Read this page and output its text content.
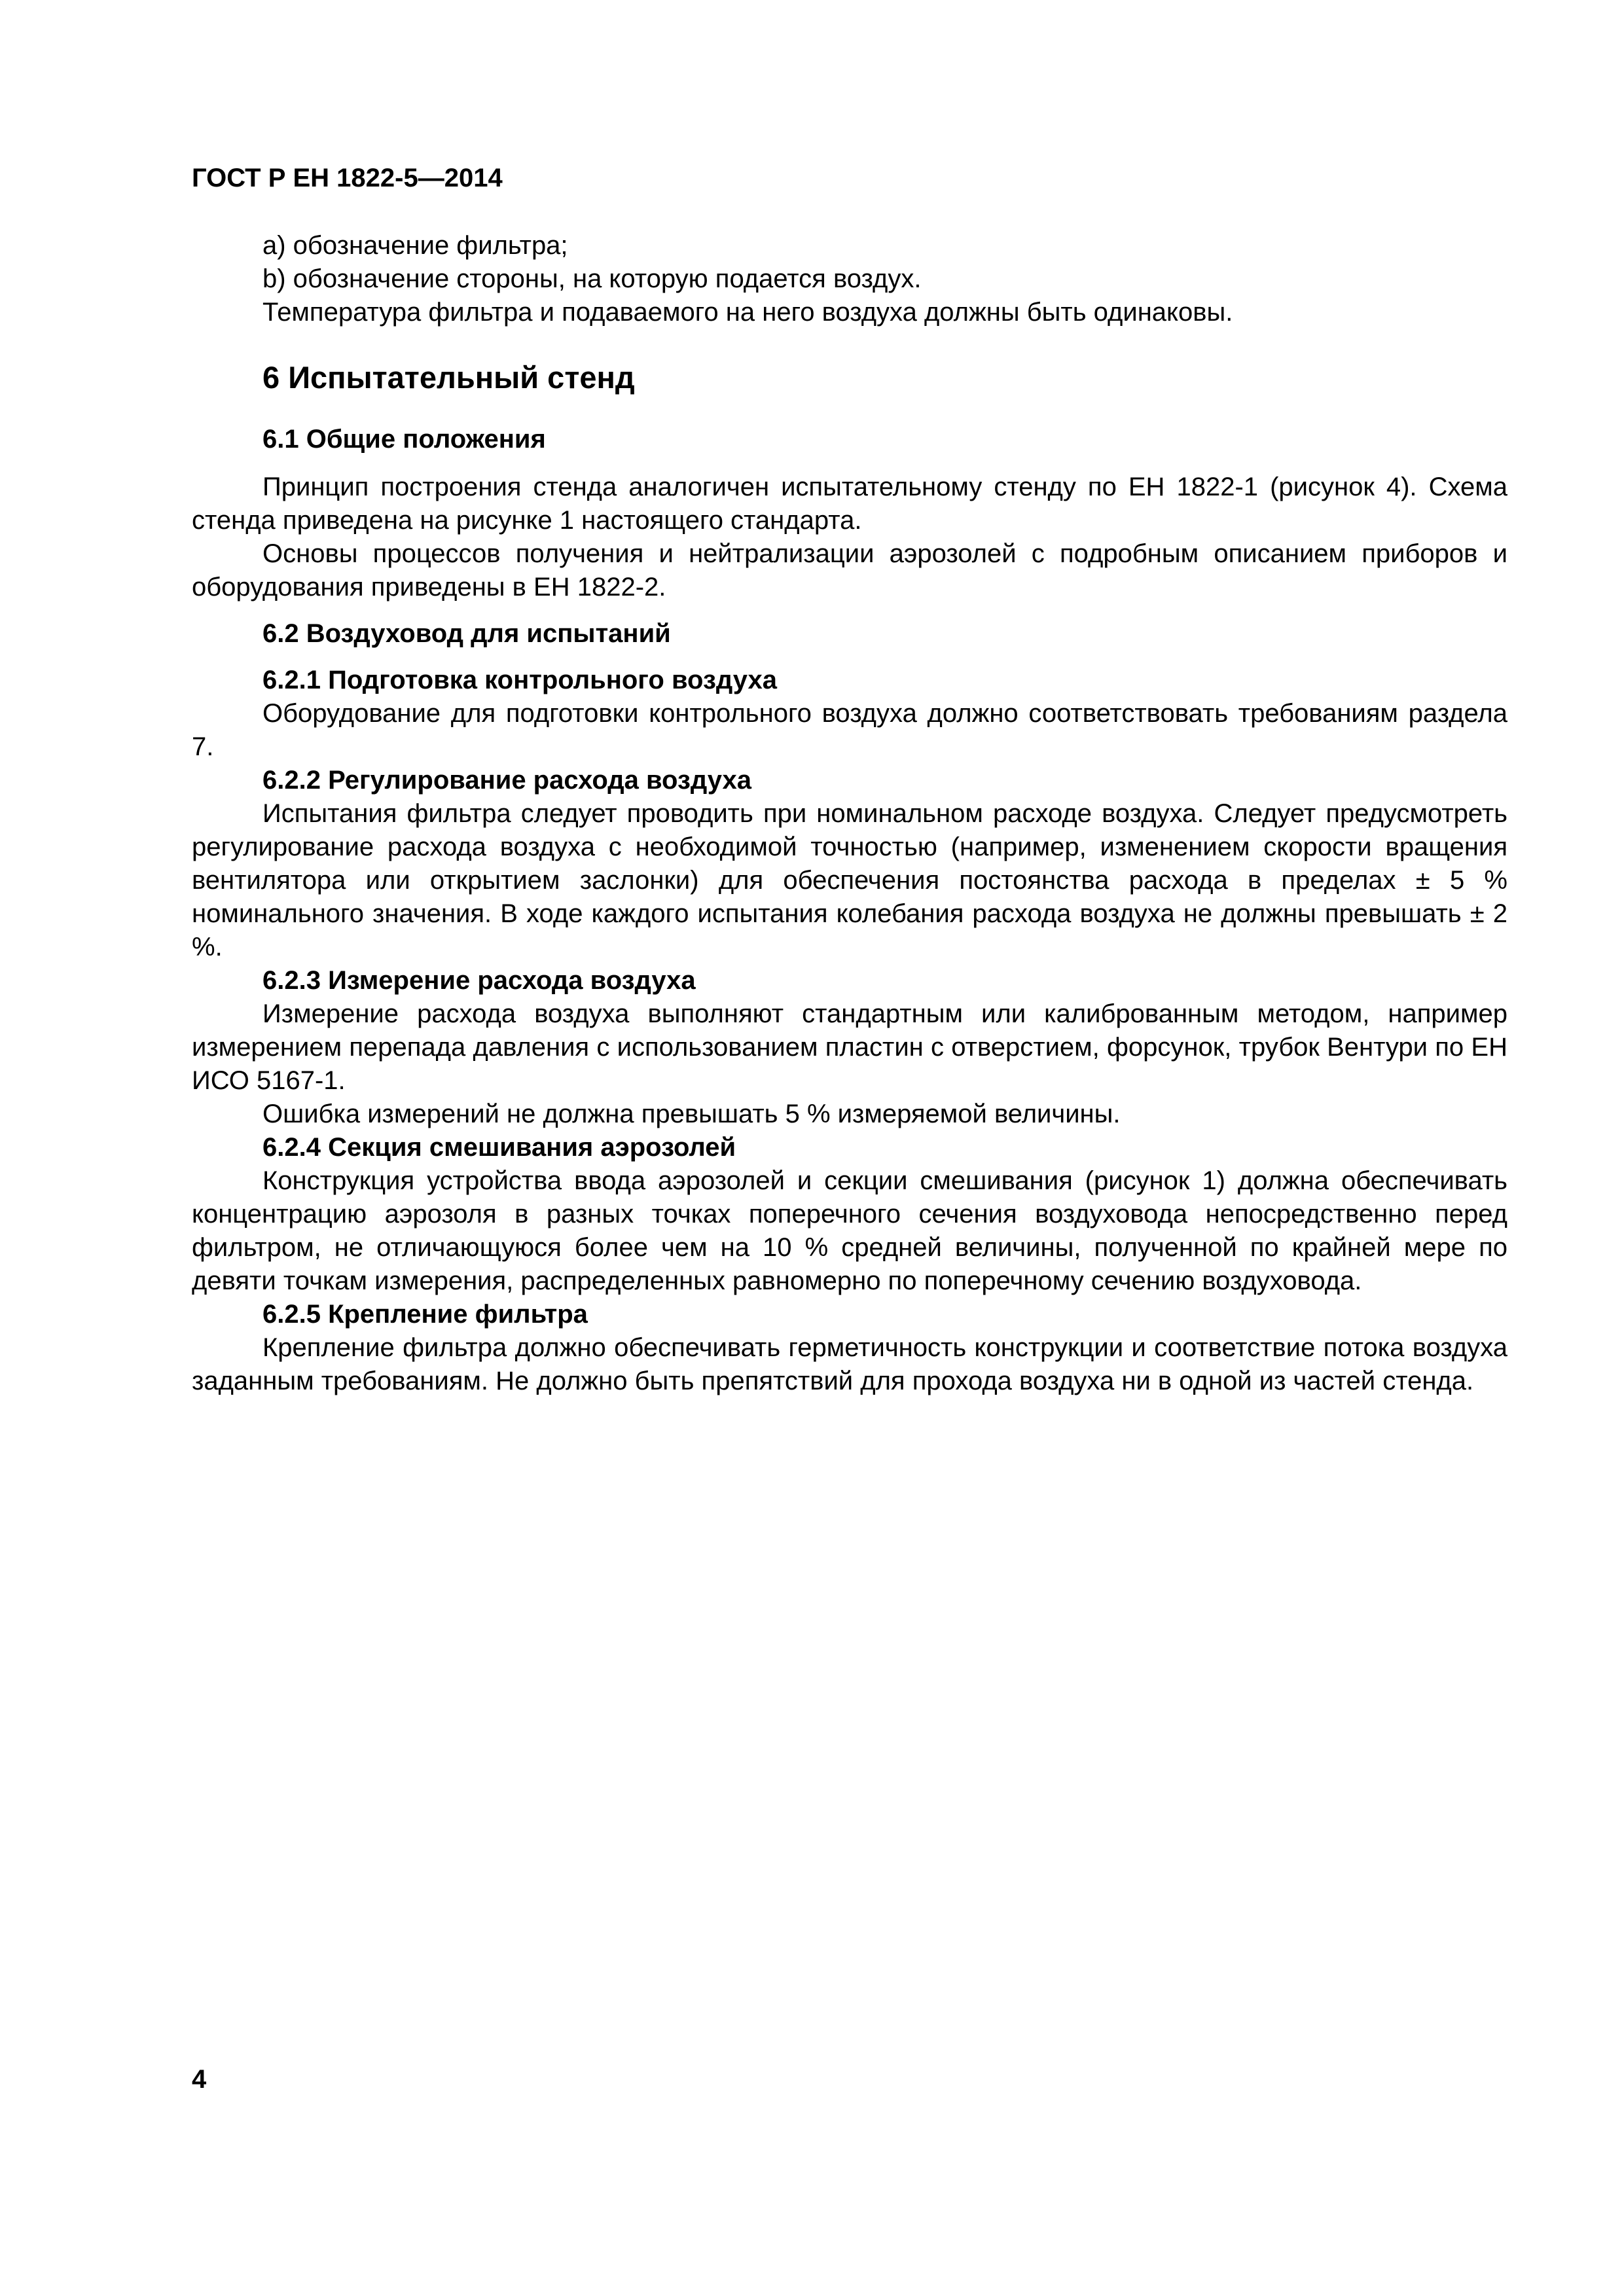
ГОСТ Р ЕН 1822-5—2014

a) обозначение фильтра;

b) обозначение стороны, на которую подается воздух.

Температура фильтра и подаваемого на него воздуха должны быть одинаковы.

6 Испытательный стенд
6.1 Общие положения

Принцип построения стенда аналогичен испытательному стенду по ЕН 1822-1 (рисунок 4). Схема стенда приведена на рисунке 1 настоящего стандарта.

Основы процессов получения и нейтрализации аэрозолей с подробным описанием приборов и оборудования приведены в ЕН 1822-2.

6.2 Воздуховод для испытаний
6.2.1 Подготовка контрольного воздуха

Оборудование для подготовки контрольного воздуха должно соответствовать требованиям раздела 7.

6.2.2 Регулирование расхода воздуха

Испытания фильтра следует проводить при номинальном расходе воздуха. Следует предусмотреть регулирование расхода воздуха с необходимой точностью (например, изменением скорости вращения вентилятора или открытием заслонки) для обеспечения постоянства расхода в пределах ± 5 % номинального значения. В ходе каждого испытания колебания расхода воздуха не должны превышать ± 2 %.

6.2.3 Измерение расхода воздуха

Измерение расхода воздуха выполняют стандартным или калиброванным методом, например измерением перепада давления с использованием пластин с отверстием, форсунок, трубок Вентури по ЕН ИСО 5167-1.

Ошибка измерений не должна превышать 5 % измеряемой величины.

6.2.4 Секция смешивания аэрозолей

Конструкция устройства ввода аэрозолей и секции смешивания (рисунок 1) должна обеспечивать концентрацию аэрозоля в разных точках поперечного сечения воздуховода непосредственно перед фильтром, не отличающуюся более чем на 10 % средней величины, полученной по крайней мере по девяти точкам измерения, распределенных равномерно по поперечному сечению воздуховода.

6.2.5 Крепление фильтра

Крепление фильтра должно обеспечивать герметичность конструкции и соответствие потока воздуха заданным требованиям. Не должно быть препятствий для прохода воздуха ни в одной из частей стенда.

4
